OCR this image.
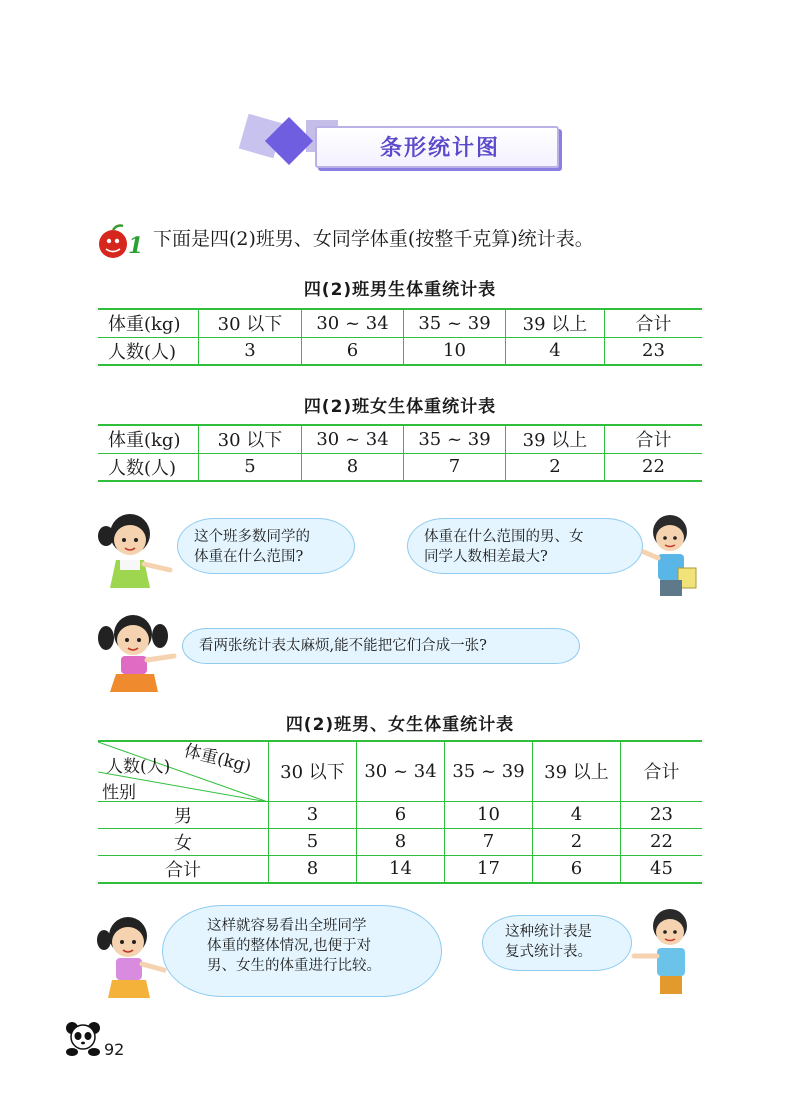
条形统计图
1 下面是四(2)班男、女同学体重(按整千克算)统计表。
四(2)班男生体重统计表
体重(kg)	30 以下	30 ~ 34	35 ~ 39	39 以上	合计
人数(人)	3	6	10	4	23
四(2)班女生体重统计表
体重(kg)	30 以下	30 ~ 34	35 ~ 39	39 以上	合计
人数(人)	5	8	7	2	22
这个班多数同学的
体重在什么范围?
体重在什么范围的男、女
同学人数相差最大?
看两张统计表太麻烦,能不能把它们合成一张?
四(2)班男、女生体重统计表
体重(kg)
人数(人)
性别	30 以下	30 ~ 34	35 ~ 39	39 以上	合计
男	3	6	10	4	23
女	5	8	7	2	22
合计	8	14	17	6	45
这样就容易看出全班同学
体重的整体情况,也便于对
男、女生的体重进行比较。
这种统计表是
复式统计表。
92
